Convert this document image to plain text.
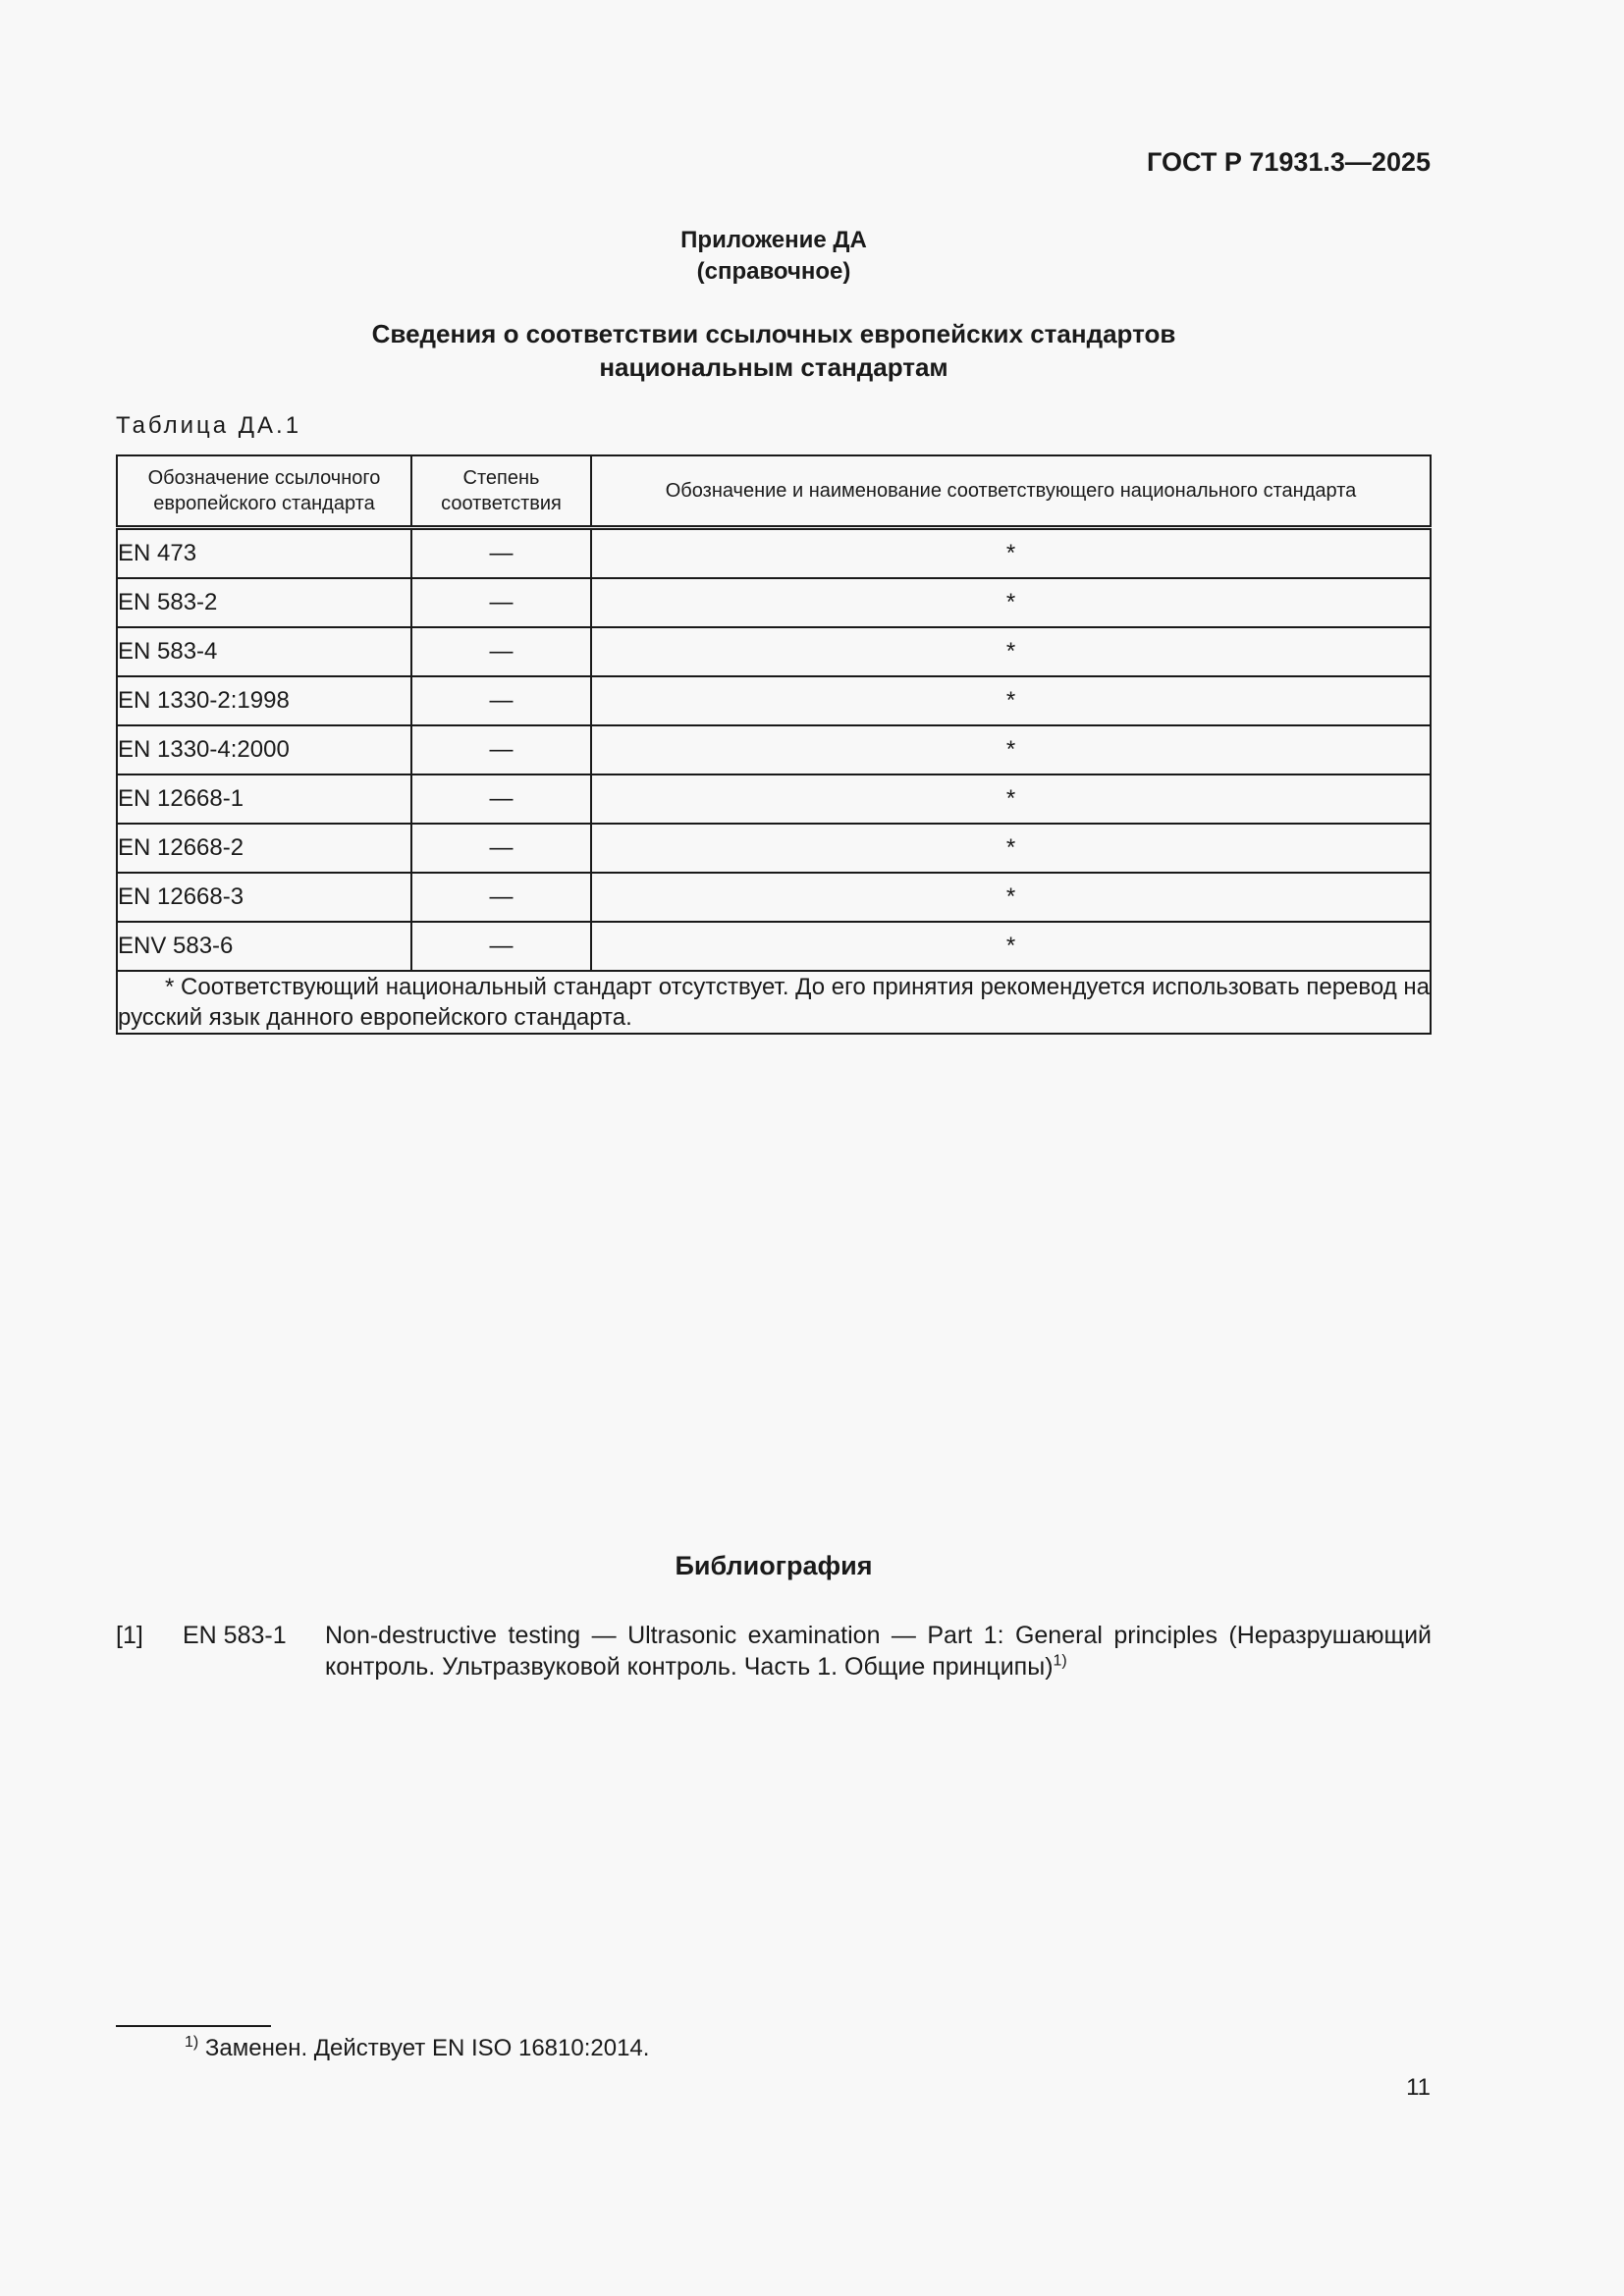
ГОСТ Р 71931.3—2025
Приложение ДА
(справочное)
Сведения о соответствии ссылочных европейских стандартов
национальным стандартам
Таблица ДА.1
Обозначение ссылочного европейского стандарта	Степень соответствия	Обозначение и наименование соответствующего национального стандарта
EN 473	—	*
EN 583-2	—	*
EN 583-4	—	*
EN 1330-2:1998	—	*
EN 1330-4:2000	—	*
EN 12668-1	—	*
EN 12668-2	—	*
EN 12668-3	—	*
ENV 583-6	—	*

* Соответствующий национальный стандарт отсутствует. До его принятия рекомендуется использовать перевод на русский язык данного европейского стандарта.		
Библиография
[1] EN 583-1 Non-destructive testing — Ultrasonic examination — Part 1: General principles (Неразрушающий контроль. Ультразвуковой контроль. Часть 1. Общие принципы)$^{1)}$
$^{1)}$ Заменен. Действует EN ISO 16810:2014.
11
